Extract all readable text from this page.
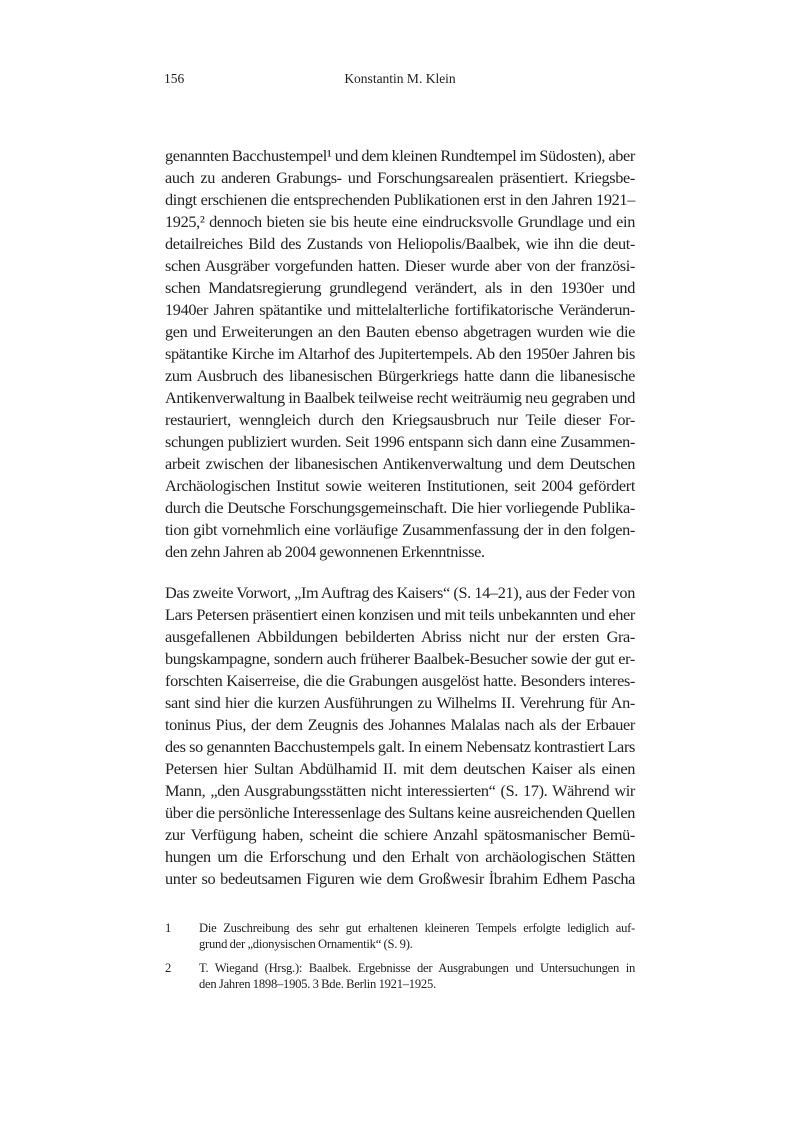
156	Konstantin M. Klein
genannten Bacchustempel¹ und dem kleinen Rundtempel im Südosten), aber
auch zu anderen Grabungs- und Forschungsarealen präsentiert. Kriegsbe-
dingt erschienen die entsprechenden Publikationen erst in den Jahren 1921–
1925,² dennoch bieten sie bis heute eine eindrucksvolle Grundlage und ein
detailreiches Bild des Zustands von Heliopolis/Baalbek, wie ihn die deut-
schen Ausgräber vorgefunden hatten. Dieser wurde aber von der französi-
schen Mandatsregierung grundlegend verändert, als in den 1930er und
1940er Jahren spätantike und mittelalterliche fortifikatorische Veränderun-
gen und Erweiterungen an den Bauten ebenso abgetragen wurden wie die
spätantike Kirche im Altarhof des Jupitertempels. Ab den 1950er Jahren bis
zum Ausbruch des libanesischen Bürgerkriegs hatte dann die libanesische
Antikenverwaltung in Baalbek teilweise recht weiträumig neu gegraben und
restauriert, wenngleich durch den Kriegsausbruch nur Teile dieser For-
schungen publiziert wurden. Seit 1996 entspann sich dann eine Zusammen-
arbeit zwischen der libanesischen Antikenverwaltung und dem Deutschen
Archäologischen Institut sowie weiteren Institutionen, seit 2004 gefördert
durch die Deutsche Forschungsgemeinschaft. Die hier vorliegende Publika-
tion gibt vornehmlich eine vorläufige Zusammenfassung der in den folgen-
den zehn Jahren ab 2004 gewonnenen Erkenntnisse.
Das zweite Vorwort, „Im Auftrag des Kaisers“ (S. 14–21), aus der Feder von
Lars Petersen präsentiert einen konzisen und mit teils unbekannten und eher
ausgefallenen Abbildungen bebilderten Abriss nicht nur der ersten Gra-
bungskampagne, sondern auch früherer Baalbek-Besucher sowie der gut er-
forschten Kaiserreise, die die Grabungen ausgelöst hatte. Besonders interes-
sant sind hier die kurzen Ausführungen zu Wilhelms II. Verehrung für An-
toninus Pius, der dem Zeugnis des Johannes Malalas nach als der Erbauer
des so genannten Bacchustempels galt. In einem Nebensatz kontrastiert Lars
Petersen hier Sultan Abdülhamid II. mit dem deutschen Kaiser als einen
Mann, „den Ausgrabungsstätten nicht interessierten“ (S. 17). Während wir
über die persönliche Interessenlage des Sultans keine ausreichenden Quellen
zur Verfügung haben, scheint die schiere Anzahl spätosmanischer Bemü-
hungen um die Erforschung und den Erhalt von archäologischen Stätten
unter so bedeutsamen Figuren wie dem Großwesir İbrahim Edhem Pascha
1	Die Zuschreibung des sehr gut erhaltenen kleineren Tempels erfolgte lediglich auf-
grund der „dionysischen Ornamentik“ (S. 9).
2	T. Wiegand (Hrsg.): Baalbek. Ergebnisse der Ausgrabungen und Untersuchungen in
den Jahren 1898–1905. 3 Bde. Berlin 1921–1925.
